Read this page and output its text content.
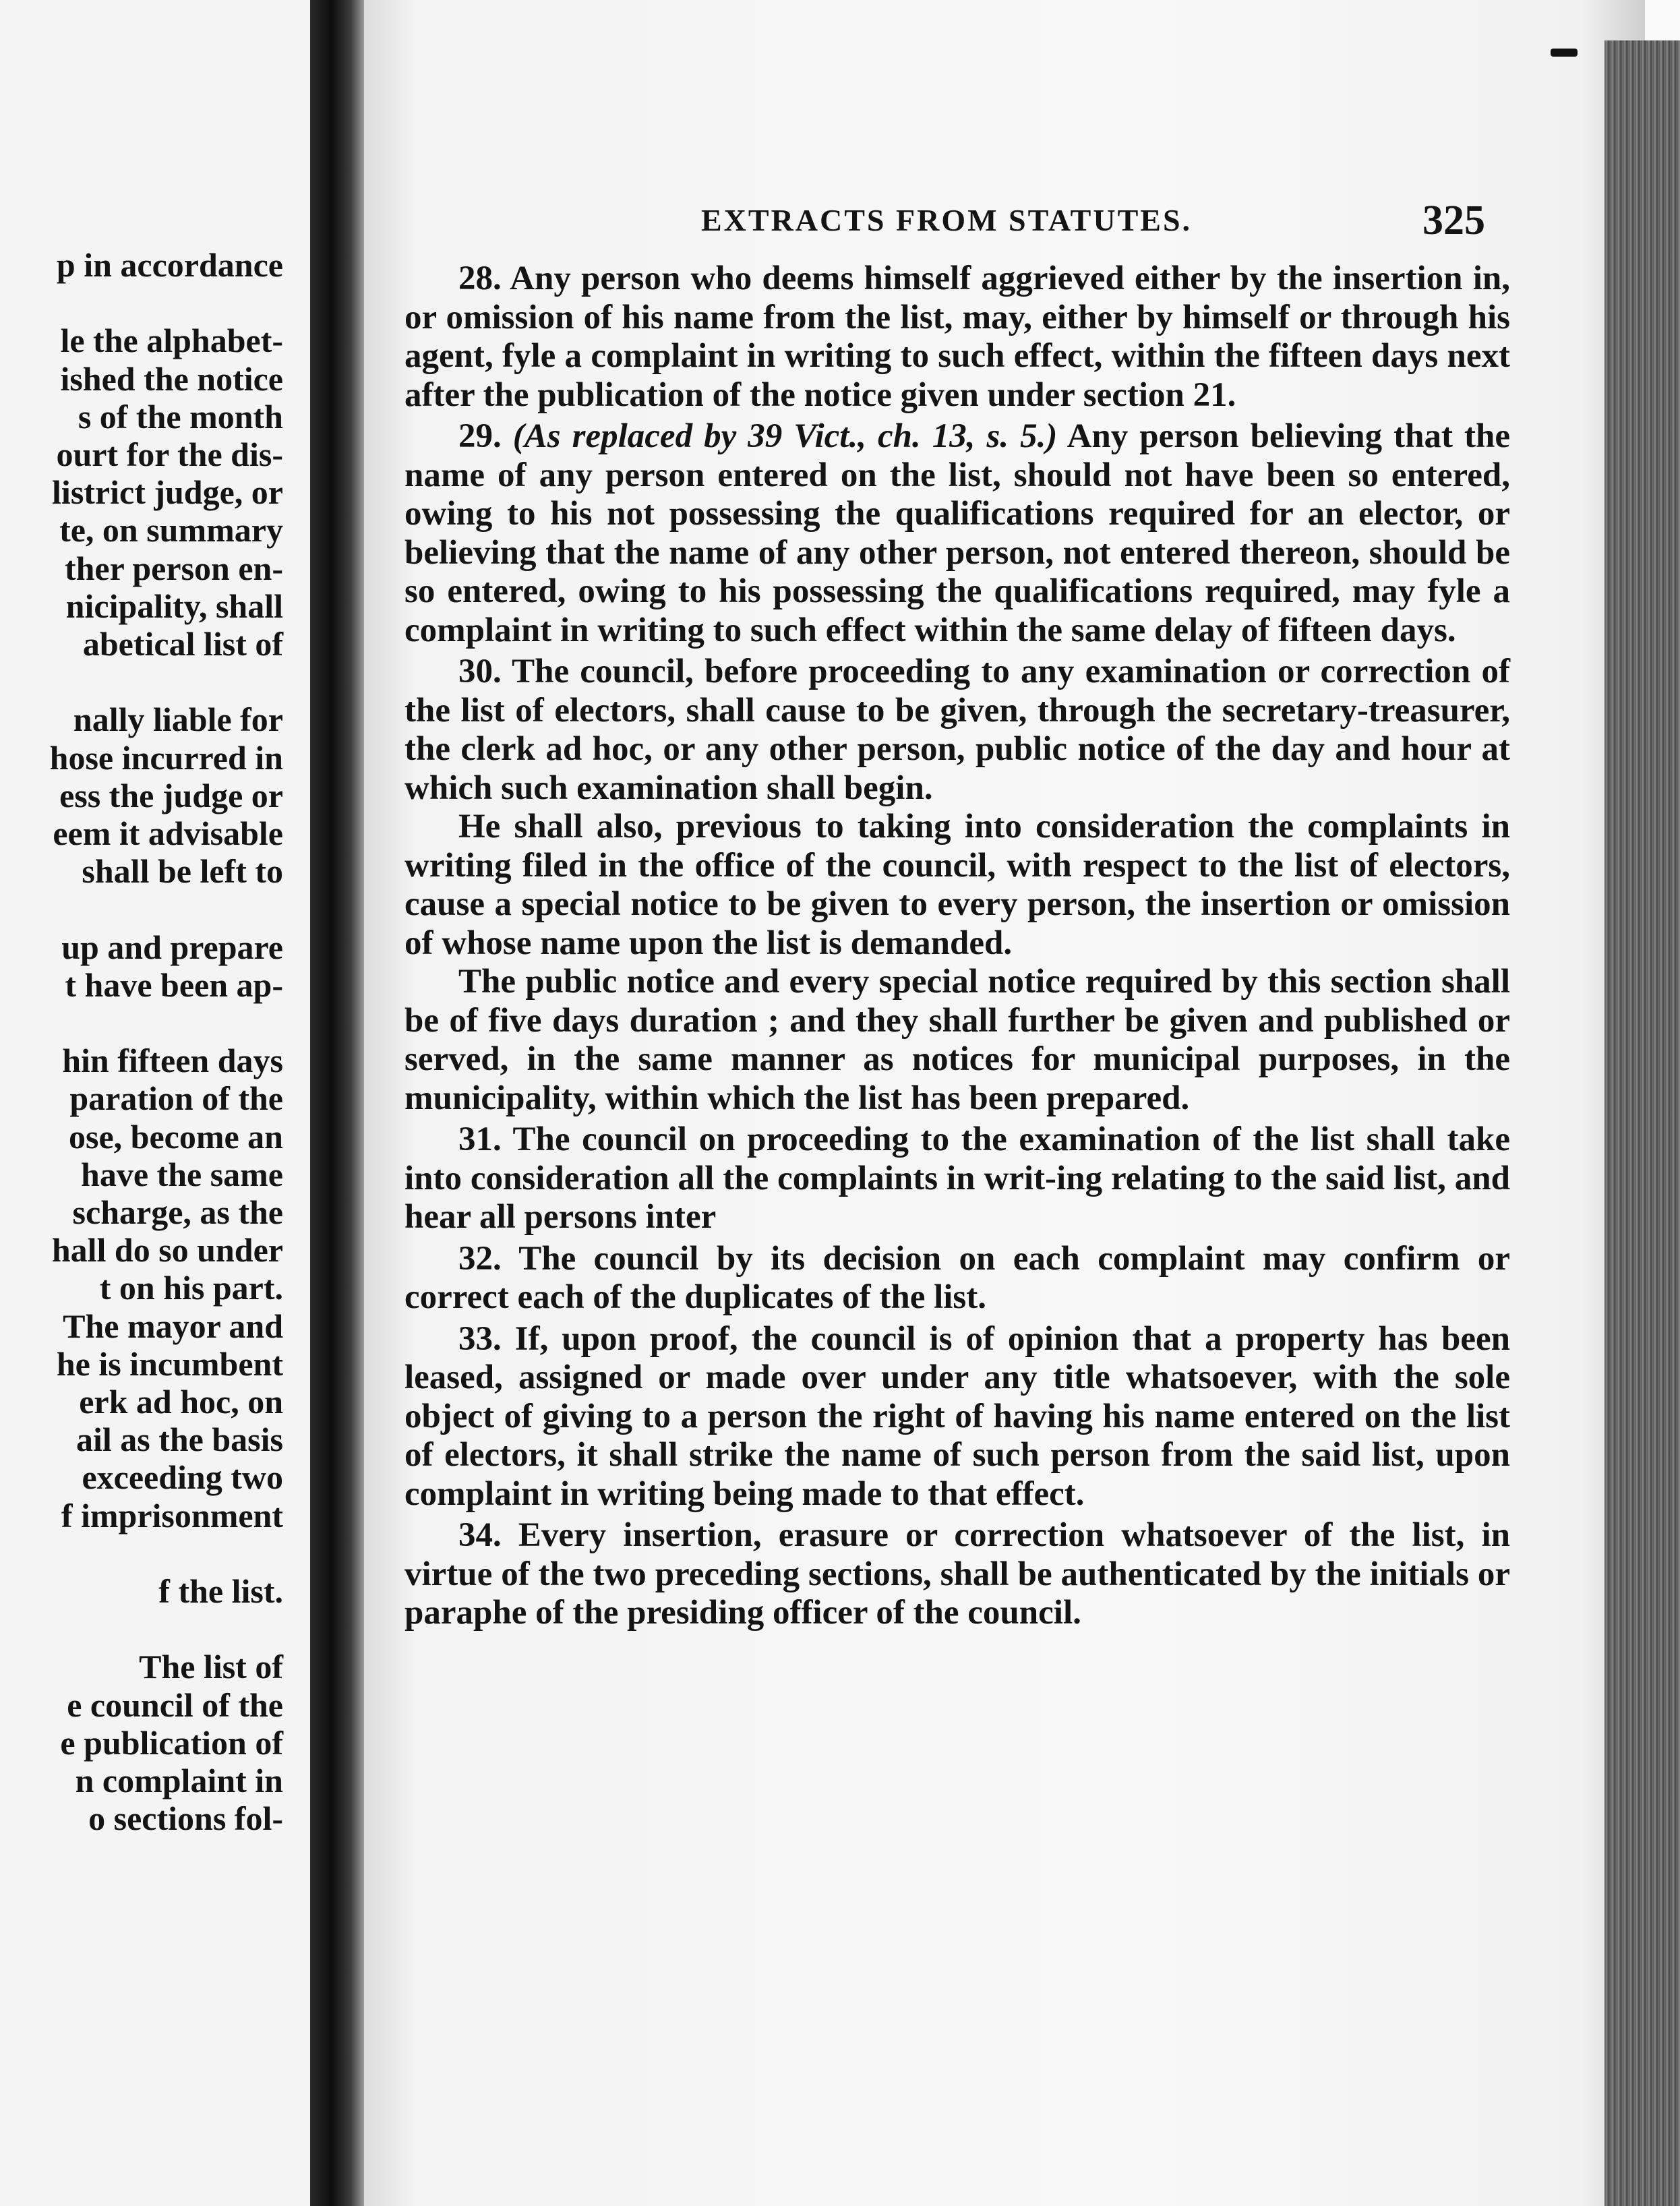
p in accordance
le the alphabet-
ished the notice
s of the month
ourt for the dis-
listrict judge, or
te, on summary
ther person en-
nicipality, shall
abetical list of
nally liable for
hose incurred in
ess the judge or
eem it advisable
shall be left to
up and prepare
t have been ap-
hin fifteen days
paration of the
ose, become an
have the same
scharge, as the
hall do so under
t on his part.
The mayor and
he is incumbent
erk ad hoc, on
ail as the basis
exceeding two
f imprisonment
f the list.
The list of
e council of the
e publication of
n complaint in
o sections fol-
EXTRACTS FROM STATUTES.	325

28. Any person who deems himself aggrieved either by the insertion in, or omission of his name from the list, may, either by himself or through his agent, fyle a complaint in writing to such effect, within the fifteen days next after the publication of the notice given under section 21.

29. (As replaced by 39 Vict., ch. 13, s. 5.) Any person believing that the name of any person entered on the list, should not have been so entered, owing to his not possessing the qualifications required for an elector, or believing that the name of any other person, not entered thereon, should be so entered, owing to his possessing the qualifications required, may fyle a complaint in writing to such effect within the same delay of fifteen days.

30. The council, before proceeding to any examination or correction of the list of electors, shall cause to be given, through the secretary-treasurer, the clerk ad hoc, or any other person, public notice of the day and hour at which such examination shall begin.

He shall also, previous to taking into consideration the complaints in writing filed in the office of the council, with respect to the list of electors, cause a special notice to be given to every person, the insertion or omission of whose name upon the list is demanded.

The public notice and every special notice required by this section shall be of five days duration ; and they shall further be given and published or served, in the same manner as notices for municipal purposes, in the municipality, within which the list has been prepared.

31. The council on proceeding to the examination of the list shall take into consideration all the complaints in writ-ing relating to the said list, and hear all persons inter

32. The council by its decision on each complaint may confirm or correct each of the duplicates of the list.

33. If, upon proof, the council is of opinion that a property has been leased, assigned or made over under any title whatsoever, with the sole object of giving to a person the right of having his name entered on the list of electors, it shall strike the name of such person from the said list, upon complaint in writing being made to that effect.

34. Every insertion, erasure or correction whatsoever of the list, in virtue of the two preceding sections, shall be authenticated by the initials or paraphe of the presiding officer of the council.
